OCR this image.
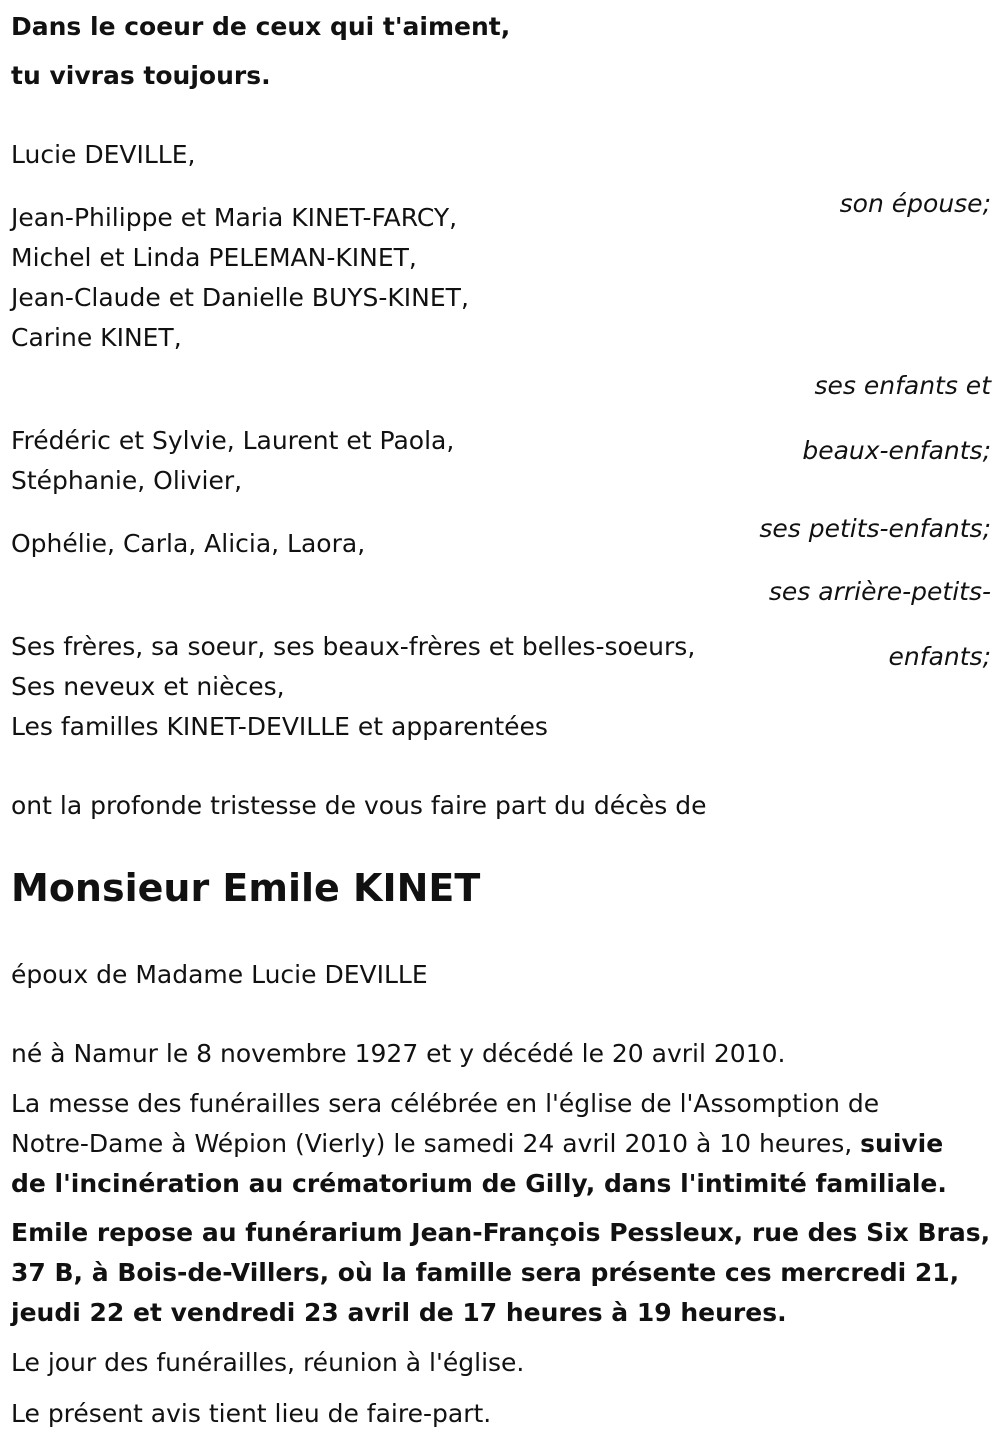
Dans le coeur de ceux qui t'aiment,

tu vivras toujours.

Lucie DEVILLE,

son épouse;

Jean-Philippe et Maria KINET-FARCY,

Michel et Linda PELEMAN-KINET,

Jean-Claude et Danielle BUYS-KINET,

Carine KINET,

ses enfants et

beaux-enfants;

Frédéric et Sylvie, Laurent et Paola,

Stéphanie, Olivier,

ses petits-enfants;

Ophélie, Carla, Alicia, Laora,

ses arrière-petits-

enfants;

Ses frères, sa soeur, ses beaux-frères et belles-soeurs,

Ses neveux et nièces,

Les familles KINET-DEVILLE et apparentées

ont la profonde tristesse de vous faire part du décès de

Monsieur Emile KINET

époux de Madame Lucie DEVILLE

né à Namur le 8 novembre 1927 et y décédé le 20 avril 2010.

La messe des funérailles sera célébrée en l'église de l'Assomption de

Notre-Dame à Wépion (Vierly) le samedi 24 avril 2010 à 10 heures, suivie

de l'incinération au crématorium de Gilly, dans l'intimité familiale.

Emile repose au funérarium Jean-François Pessleux, rue des Six Bras,

37 B, à Bois-de-Villers, où la famille sera présente ces mercredi 21,

jeudi 22 et vendredi 23 avril de 17 heures à 19 heures.

Le jour des funérailles, réunion à l'église.

Le présent avis tient lieu de faire-part.
